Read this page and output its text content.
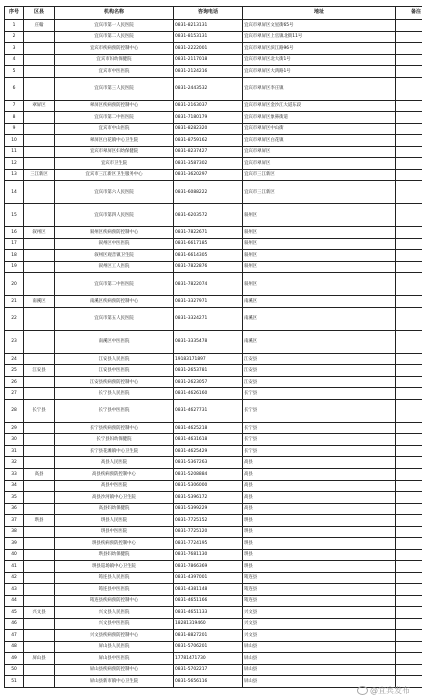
序号	区县	机构名称	咨询电话	地址	备注
1	庄翰	宜宾市第一人民医院	0831-8213131	宜宾市翠屏区文星街65号	
2		宜宾市第二人民医院	0831-8153131	宜宾市翠屏区上官镇北街11号	
3		宜宾市疾病预防控制中心	0831-2222001	宜宾市翠屏区滨江路96号	
4		宜宾市妇幼保健院	0831-2117018	宜宾市翠屏区北大街1号	
5		宜宾市中医医院	0831-2124216	宜宾市翠屏区大鸿路1号	
6		宜宾市第三人民医院	0831-2443532	宜宾市翠屏区李庄镇	
7	翠屏区	翠屏区疾病预防控制中心	0831-2163037	宜宾市翠屏区金沙江大道东段	
8		宜宾市第二中医医院	0831-7180179	宜宾市翠屏区象鼻街道	
9		宜宾市中山医院	0831-8282320	宜宾市翠屏区中山街	
10		翠屏区白花镇中心卫生院	0831-8759162	宜宾市翠屏区白花镇	
11		宜宾市翠屏区妇幼保健院	0831-8237427	宜宾市翠屏区	
12		宜宾市卫生院	0831-3587302	宜宾市翠屏区	
13	三江新区	宜宾市三江新区卫生服务中心	0831-3620297	宜宾市三江新区	
14		宜宾市第六人民医院	0831-6088222	宜宾市三江新区	
15		宜宾市第四人民医院	0831-6203572	叙州区	
16	叙州区	叙州区疾病预防控制中心	0831-7822671	叙州区	
17		叙州区中医医院	0831-6617185	叙州区	
18		叙州区观音镇卫生院	0831-6614305	叙州区	
19		叙州区工人医院	0831-7822876	叙州区	
20		宜宾市第二中医医院	0831-7822074	叙州区	
21	南溪区	南溪区疾病预防控制中心	0831-3327971	南溪区	
22		宜宾市第五人民医院	0831-3324271	南溪区	
23		南溪区中医医院	0831-3335478	南溪区	
24		江安县人民医院	19183171897	江安县	
25	江安县	江安县中医医院	0831-2653781	江安县	
26		江安县疾病预防控制中心	0831-2623057	江安县	
27		长宁县人民医院	0831-4626160	长宁县	
28	长宁县	长宁县中医医院	0831-4627731	长宁县	
29		长宁县疾病预防控制中心	0831-4625218	长宁县	
30		长宁县妇幼保健院	0831-4631618	长宁县	
31		长宁县花滩镇中心卫生院	0831-4625429	长宁县	
32		高县人民医院	0831-5367263	高县	
33	高县	高县疾病预防控制中心	0831-5208884	高县	
34		高县中医医院	0831-5306000	高县	
35		高县沙河镇中心卫生院	0831-5396172	高县	
36		高县妇幼保健院	0831-5399229	高县	
37	珙县	珙县人民医院	0831-7725152	珙县	
38		珙县中医医院	0831-7725120	珙县	
39		珙县疾病预防控制中心	0831-7724195	珙县	
40		珙县妇幼保健院	0831-7681130	珙县	
41		珙县巡场镇中心卫生院	0831-7866369	珙县	
42		筠连县人民医院	0831-4397001	筠连县	
43		筠连县中医医院	0831-4381148	筠连县	
44		筠连县疾病预防控制中心	0831-4651166	筠连县	
45	兴文县	兴文县人民医院	0831-4651133	兴文县	
46		兴文县中医医院	18281319460	兴文县	
47		兴文县疾病预防控制中心	0831-8827201	兴文县	
48		屏山县人民医院	0831-5706201	屏山县	
49	屏山县	屏山县中医医院	17781471730	屏山县	
50		屏山县疾病预防控制中心	0831-5702217	屏山县	
51		屏山县新市镇中心卫生院	0831-5656116	屏山县	
@宜宾发布
